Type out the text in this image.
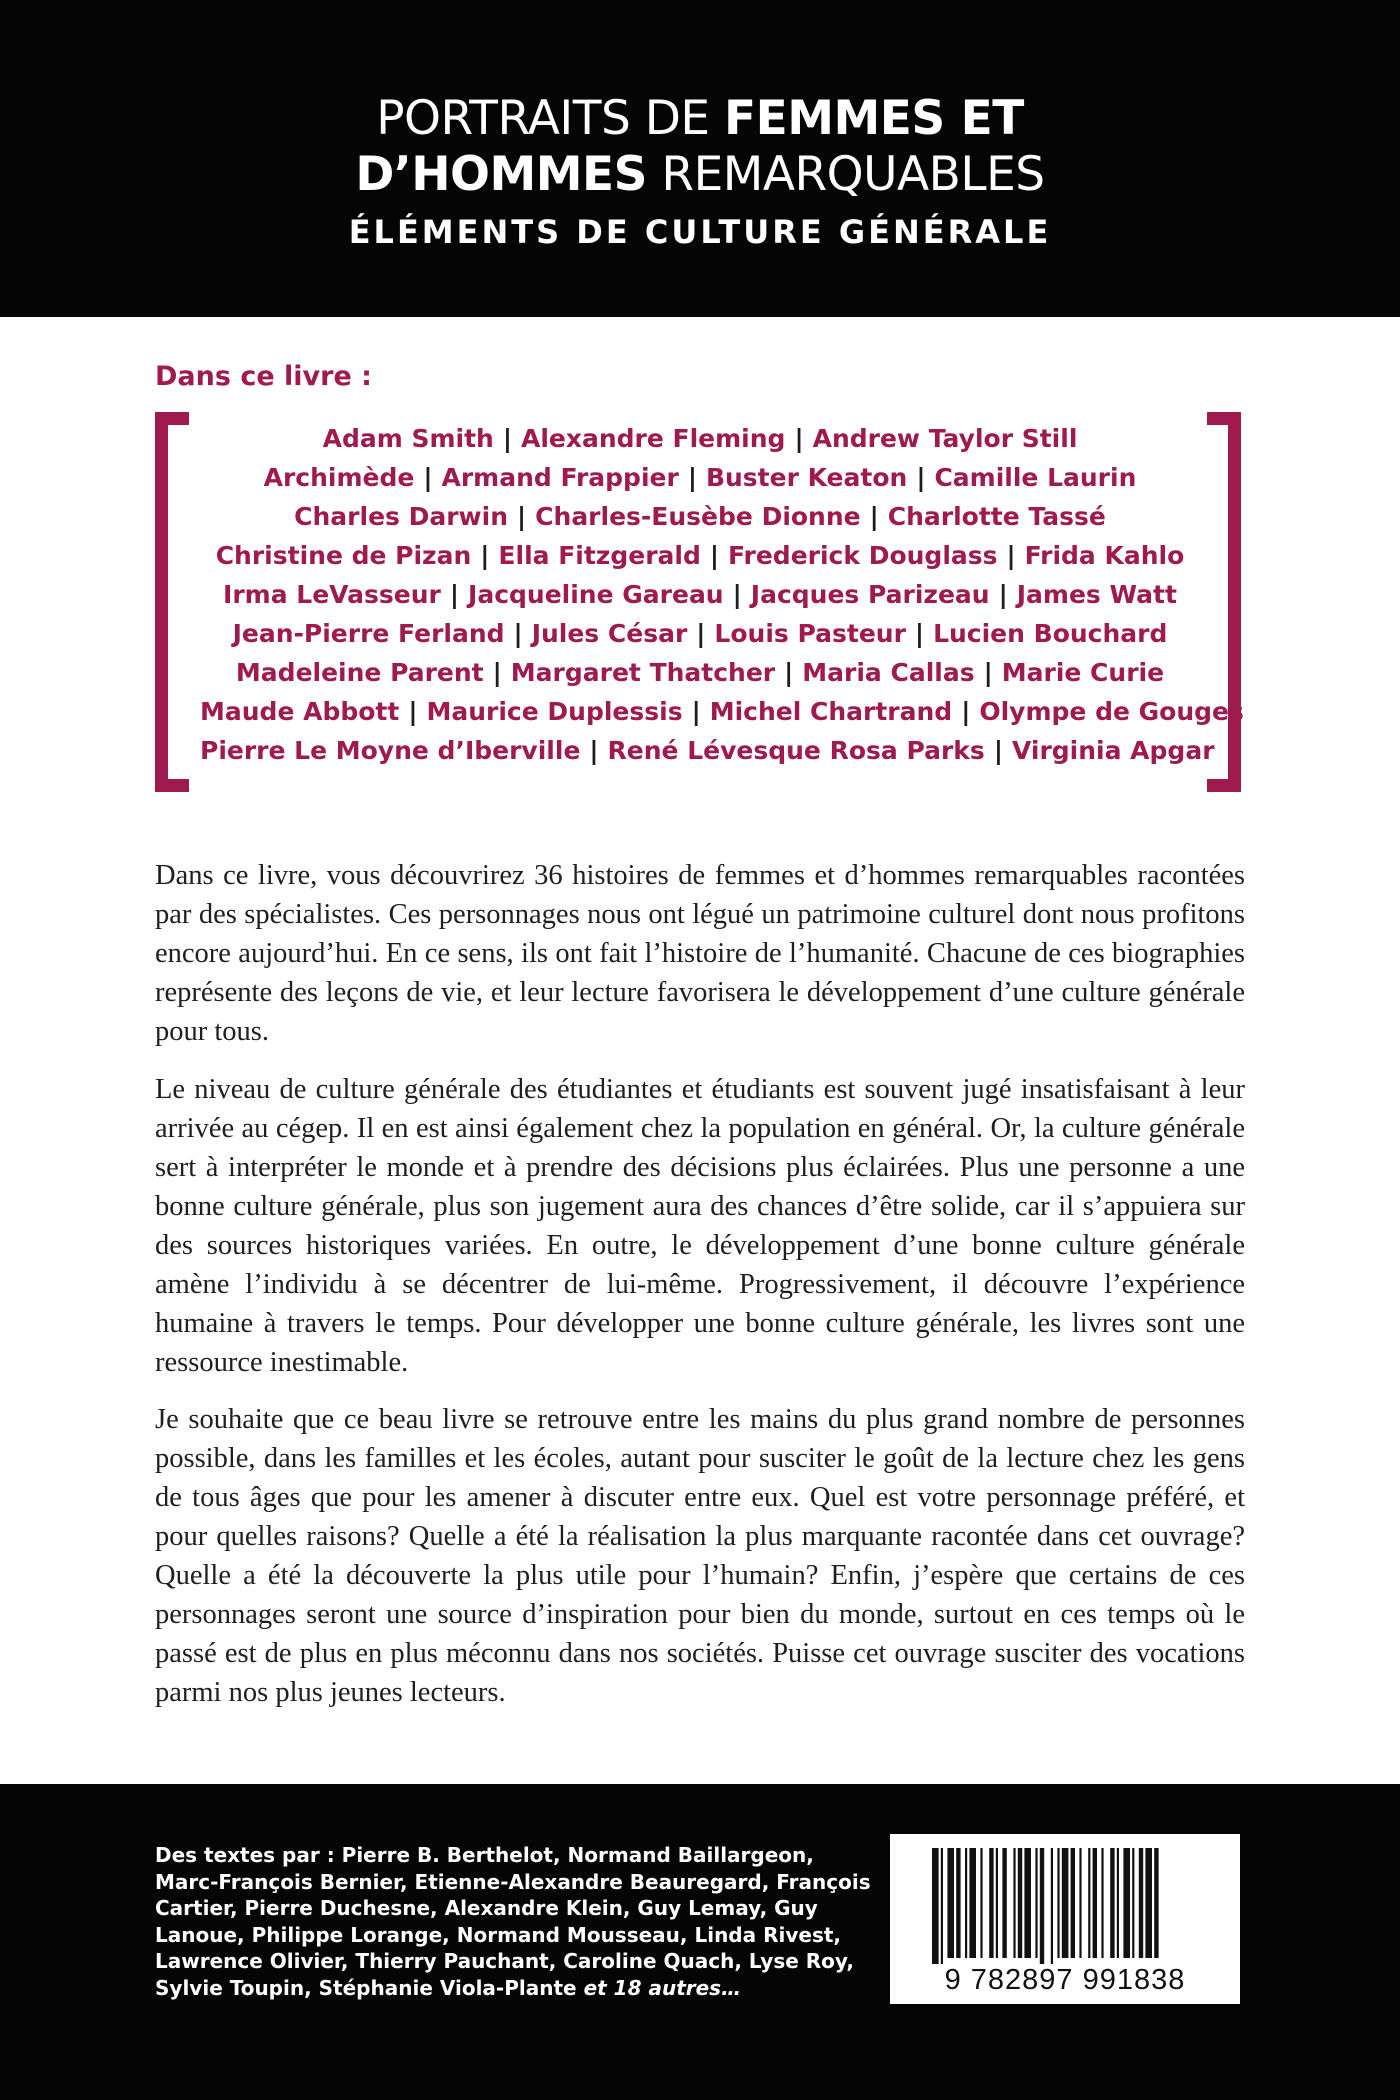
PORTRAITS DE FEMMES ET
D’HOMMES REMARQUABLES
ÉLÉMENTS DE CULTURE GÉNÉRALE
Dans ce livre :
Adam Smith | Alexandre Fleming | Andrew Taylor Still
Archimède | Armand Frappier | Buster Keaton | Camille Laurin
Charles Darwin | Charles-Eusèbe Dionne | Charlotte Tassé
Christine de Pizan | Ella Fitzgerald | Frederick Douglass | Frida Kahlo
Irma LeVasseur | Jacqueline Gareau | Jacques Parizeau | James Watt
Jean-Pierre Ferland | Jules César | Louis Pasteur | Lucien Bouchard
Madeleine Parent | Margaret Thatcher | Maria Callas | Marie Curie
Maude Abbott | Maurice Duplessis | Michel Chartrand | Olympe de Gouges
Pierre Le Moyne d’Iberville | René Lévesque Rosa Parks | Virginia Apgar

Dans ce livre, vous découvrirez 36 histoires de femmes et d’hommes remarquables racontées par des spécialistes. Ces personnages nous ont légué un patrimoine culturel dont nous profitons encore aujourd’hui. En ce sens, ils ont fait l’histoire de l’humanité. Chacune de ces biographies représente des leçons de vie, et leur lecture favorisera le développement d’une culture générale pour tous.

Le niveau de culture générale des étudiantes et étudiants est souvent jugé insatisfaisant à leur arrivée au cégep. Il en est ainsi également chez la population en général. Or, la culture générale sert à interpréter le monde et à prendre des décisions plus éclairées. Plus une personne a une bonne culture générale, plus son jugement aura des chances d’être solide, car il s’appuiera sur des sources historiques variées. En outre, le développement d’une bonne culture générale amène l’individu à se décentrer de lui-même. Progressivement, il découvre l’expérience humaine à travers le temps. Pour développer une bonne culture générale, les livres sont une ressource inestimable.

Je souhaite que ce beau livre se retrouve entre les mains du plus grand nombre de personnes possible, dans les familles et les écoles, autant pour susciter le goût de la lecture chez les gens de tous âges que pour les amener à discuter entre eux. Quel est votre personnage préféré, et pour quelles raisons? Quelle a été la réalisation la plus marquante racontée dans cet ouvrage? Quelle a été la découverte la plus utile pour l’humain? Enfin, j’espère que certains de ces personnages seront une source d’inspiration pour bien du monde, surtout en ces temps où le passé est de plus en plus méconnu dans nos sociétés. Puisse cet ouvrage susciter des vocations parmi nos plus jeunes lecteurs.

Des textes par : Pierre B. Berthelot, Normand Baillargeon, Marc-François Bernier, Etienne-Alexandre Beauregard, François Cartier, Pierre Duchesne, Alexandre Klein, Guy Lemay, Guy Lanoue, Philippe Lorange, Normand Mousseau, Linda Rivest, Lawrence Olivier, Thierry Pauchant, Caroline Quach, Lyse Roy, Sylvie Toupin, Stéphanie Viola-Plante et 18 autres…	9 782897 991838
